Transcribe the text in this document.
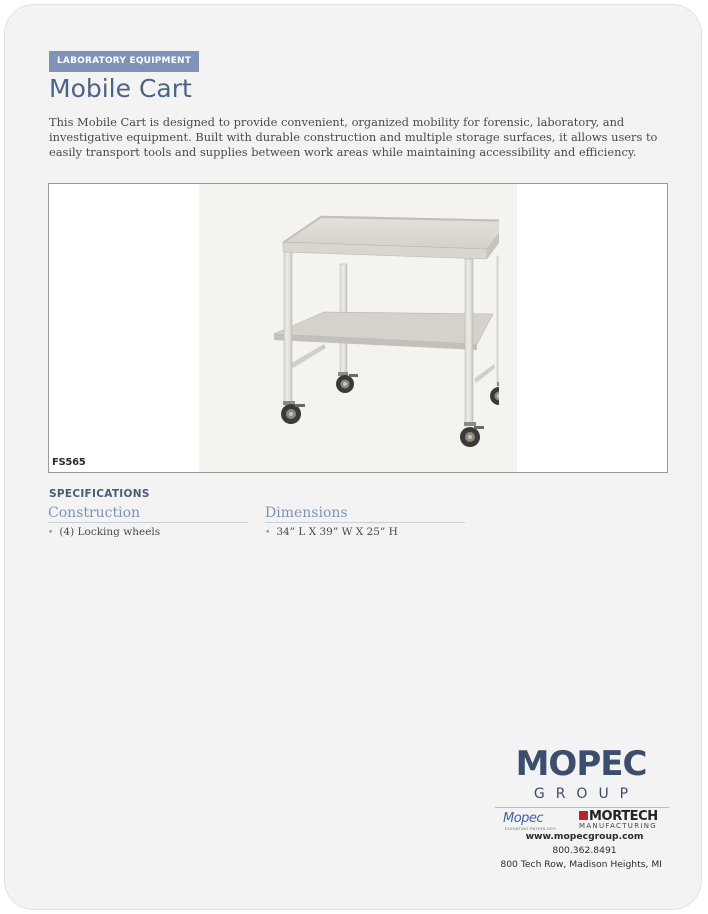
LABORATORY EQUIPMENT
Mobile Cart
This Mobile Cart is designed to provide convenient, organized mobility for forensic, laboratory, and investigative equipment. Built with durable construction and multiple storage surfaces, it allows users to easily transport tools and supplies between work areas while maintaining accessibility and efficiency.
FS565
SPECIFICATIONS
Construction
• (4) Locking wheels
Dimensions
• 34” L X 39” W X 25” H
MOPEC
GROUP
Mopec
ELEVATING PATHOLOGY
MORTECH
MANUFACTURING
www.mopecgroup.com
800.362.8491
800 Tech Row, Madison Heights, MI
